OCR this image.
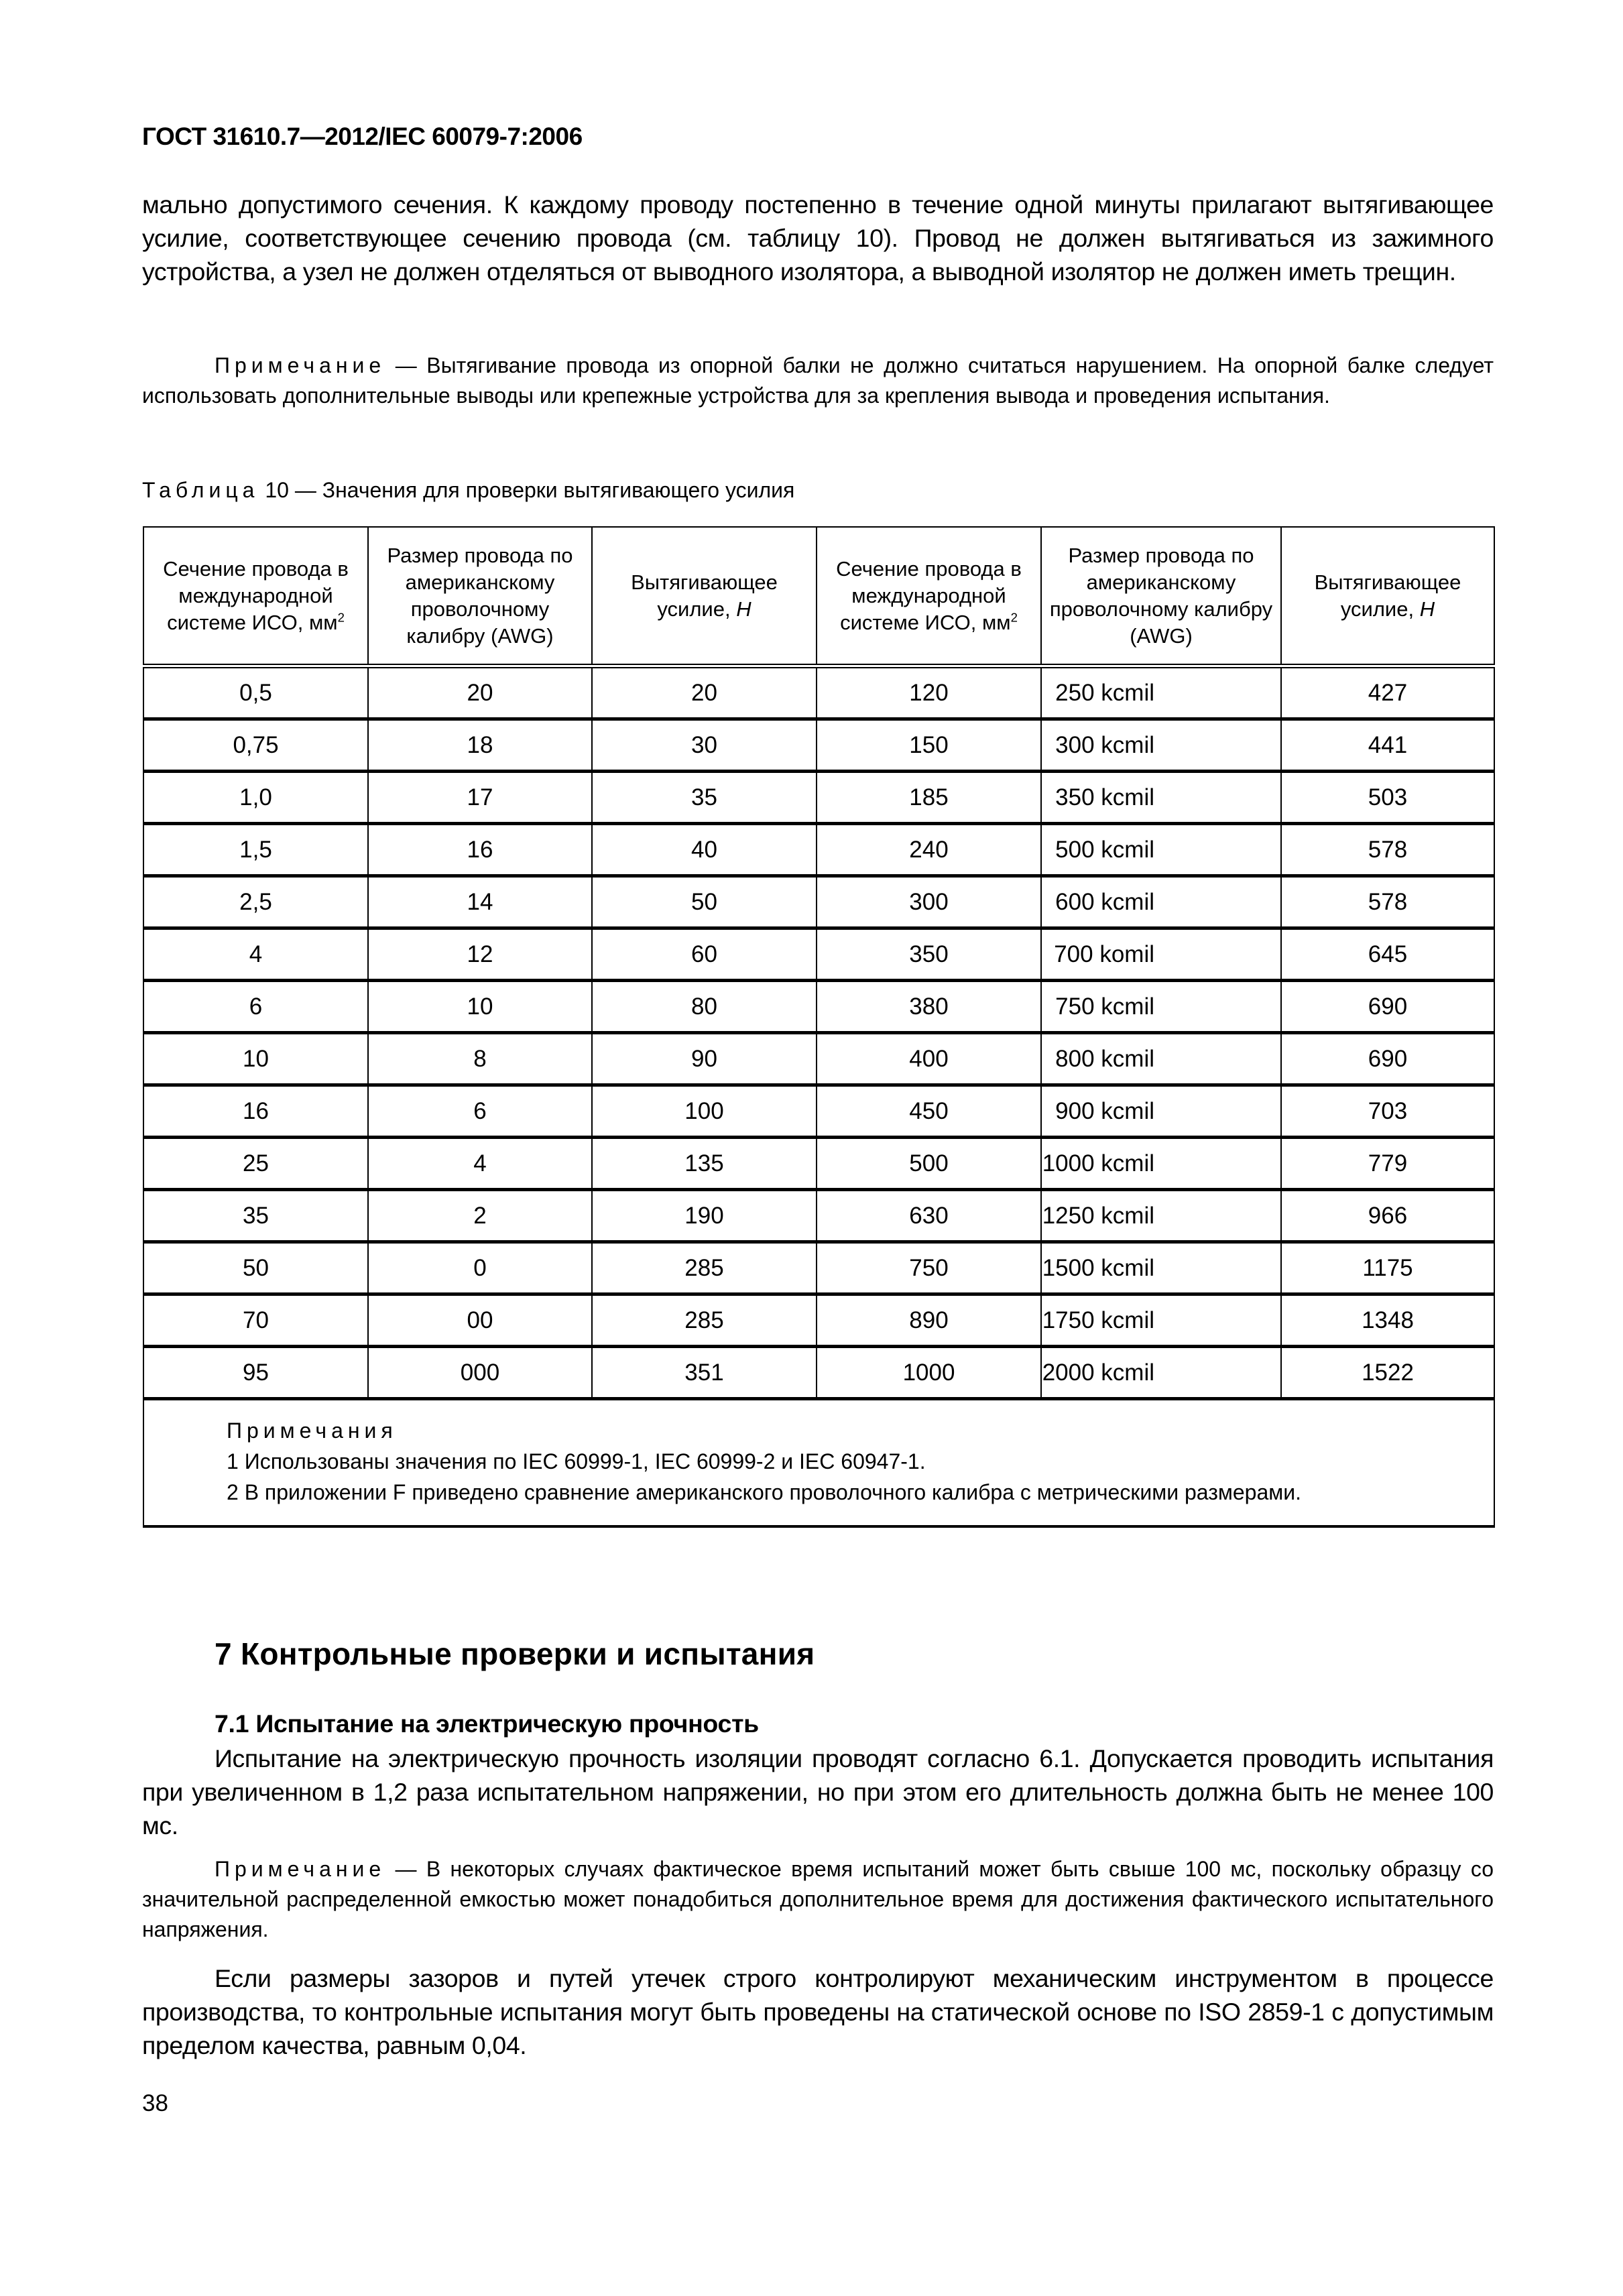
ГОСТ 31610.7—2012/IEC 60079-7:2006

мально допустимого сечения. К каждому проводу постепенно в течение одной минуты прилагают вытягивающее усилие, соответствующее сечению провода (см. таблицу 10). Провод не должен вытягиваться из зажимного устройства, а узел не должен отделяться от выводного изолятора, а выводной изолятор не должен иметь трещин.

Примечание — Вытягивание провода из опорной балки не должно считаться нарушением. На опорной балке следует использовать дополнительные выводы или крепежные устройства для за крепления вывода и проведения испытания.

Таблица 10 — Значения для проверки вытягивающего усилия
Сечение провода в международной системе ИСО, $мм^2$	Размер провода по американскому проволочному калибру (AWG)	Вытягивающее усилие, Н	Сечение провода в международной системе ИСО, $мм^2$	Размер провода по американскому проволочному калибру (AWG)	Вытягивающее усилие, Н
0,5	20	20	120	250 kcmil	427
0,75	18	30	150	300 kcmil	441
1,0	17	35	185	350 kcmil	503
1,5	16	40	240	500 kcmil	578
2,5	14	50	300	600 kcmil	578
4	12	60	350	700 komil	645
6	10	80	380	750 kcmil	690
10	8	90	400	800 kcmil	690
16	6	100	450	900 kcmil	703
25	4	135	500	1000 kcmil	779
35	2	190	630	1250 kcmil	966
50	0	285	750	1500 kcmil	1175
70	00	285	890	1750 kcmil	1348
95	000	351	1000	2000 kcmil	1522

Примечания
1 Использованы значения по IEC 60999-1, IEC 60999-2 и IEC 60947-1.
2 В приложении F приведено сравнение американского проволочного калибра с метрическими размерами.					
7 Контрольные проверки и испытания
7.1 Испытание на электрическую прочность

Испытание на электрическую прочность изоляции проводят согласно 6.1. Допускается проводить испытания при увеличенном в 1,2 раза испытательном напряжении, но при этом его длительность должна быть не менее 100 мс.

Примечание — В некоторых случаях фактическое время испытаний может быть свыше 100 мс, поскольку образцу со значительной распределенной емкостью может понадобиться дополнительное время для достижения фактического испытательного напряжения.

Если размеры зазоров и путей утечек строго контролируют механическим инструментом в процессе производства, то контрольные испытания могут быть проведены на статической основе по ISO 2859-1 с допустимым пределом качества, равным 0,04.

38
